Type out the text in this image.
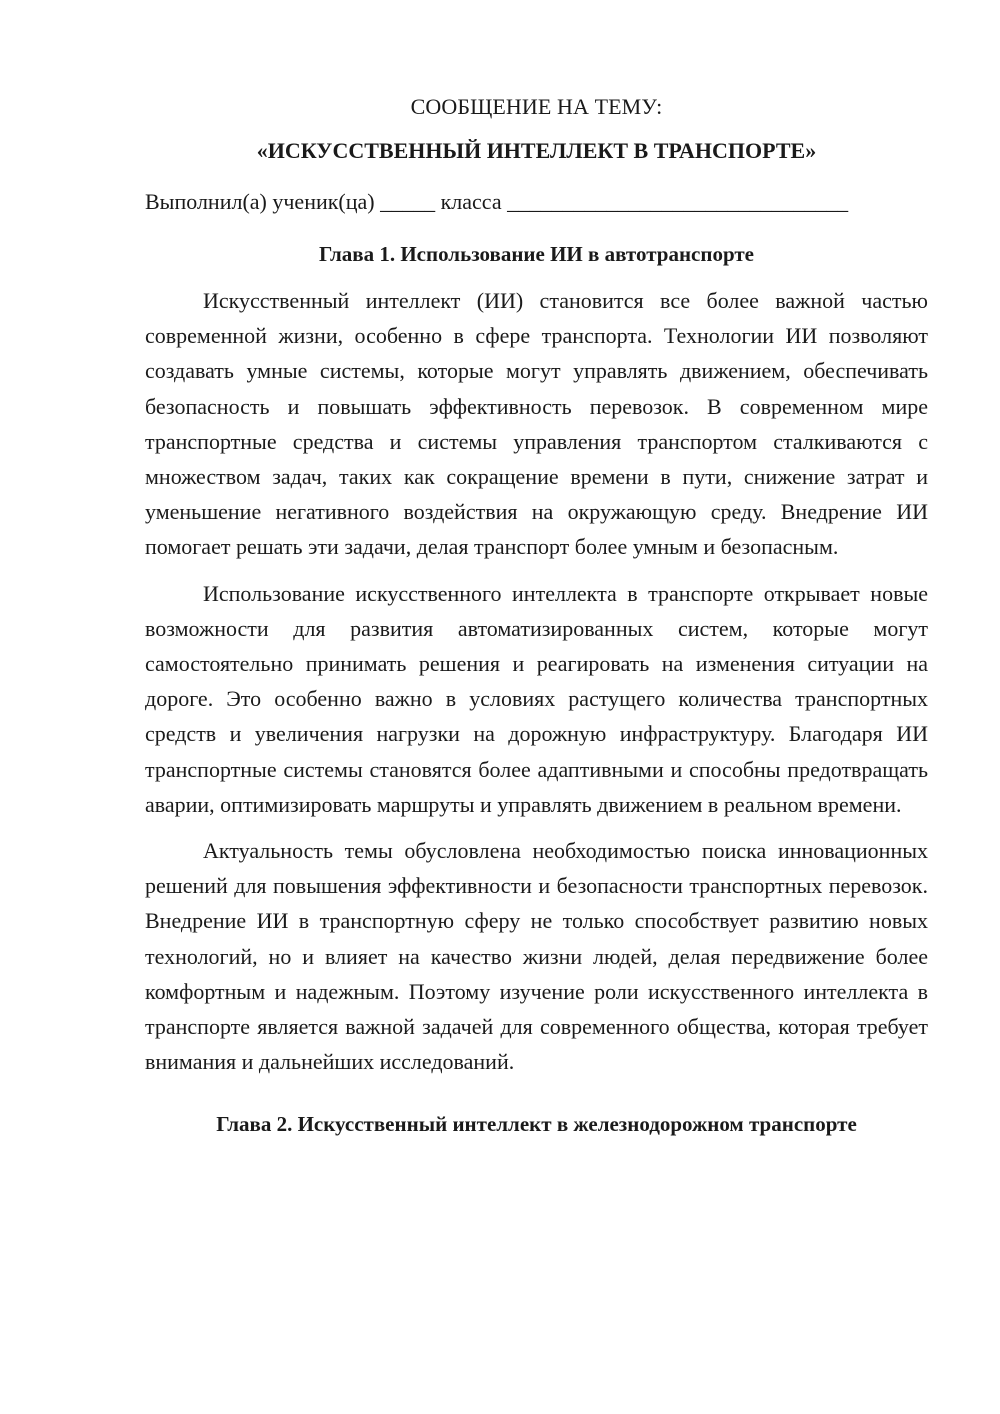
СООБЩЕНИЕ НА ТЕМУ:
«ИСКУССТВЕННЫЙ ИНТЕЛЛЕКТ В ТРАНСПОРТЕ»

Выполнил(а) ученик(ца) _____ класса _______________________________

Глава 1. Использование ИИ в автотранспорте

Искусственный интеллект (ИИ) становится все более важной частью современной жизни, особенно в сфере транспорта. Технологии ИИ позволяют создавать умные системы, которые могут управлять движением, обеспечивать безопасность и повышать эффективность перевозок. В современном мире транспортные средства и системы управления транспортом сталкиваются с множеством задач, таких как сокращение времени в пути, снижение затрат и уменьшение негативного воздействия на окружающую среду. Внедрение ИИ помогает решать эти задачи, делая транспорт более умным и безопасным.

Использование искусственного интеллекта в транспорте открывает новые возможности для развития автоматизированных систем, которые могут самостоятельно принимать решения и реагировать на изменения ситуации на дороге. Это особенно важно в условиях растущего количества транспортных средств и увеличения нагрузки на дорожную инфраструктуру. Благодаря ИИ транспортные системы становятся более адаптивными и способны предотвращать аварии, оптимизировать маршруты и управлять движением в реальном времени.

Актуальность темы обусловлена необходимостью поиска инновационных решений для повышения эффективности и безопасности транспортных перевозок. Внедрение ИИ в транспортную сферу не только способствует развитию новых технологий, но и влияет на качество жизни людей, делая передвижение более комфортным и надежным. Поэтому изучение роли искусственного интеллекта в транспорте является важной задачей для современного общества, которая требует внимания и дальнейших исследований.

Глава 2. Искусственный интеллект в железнодорожном транспорте
